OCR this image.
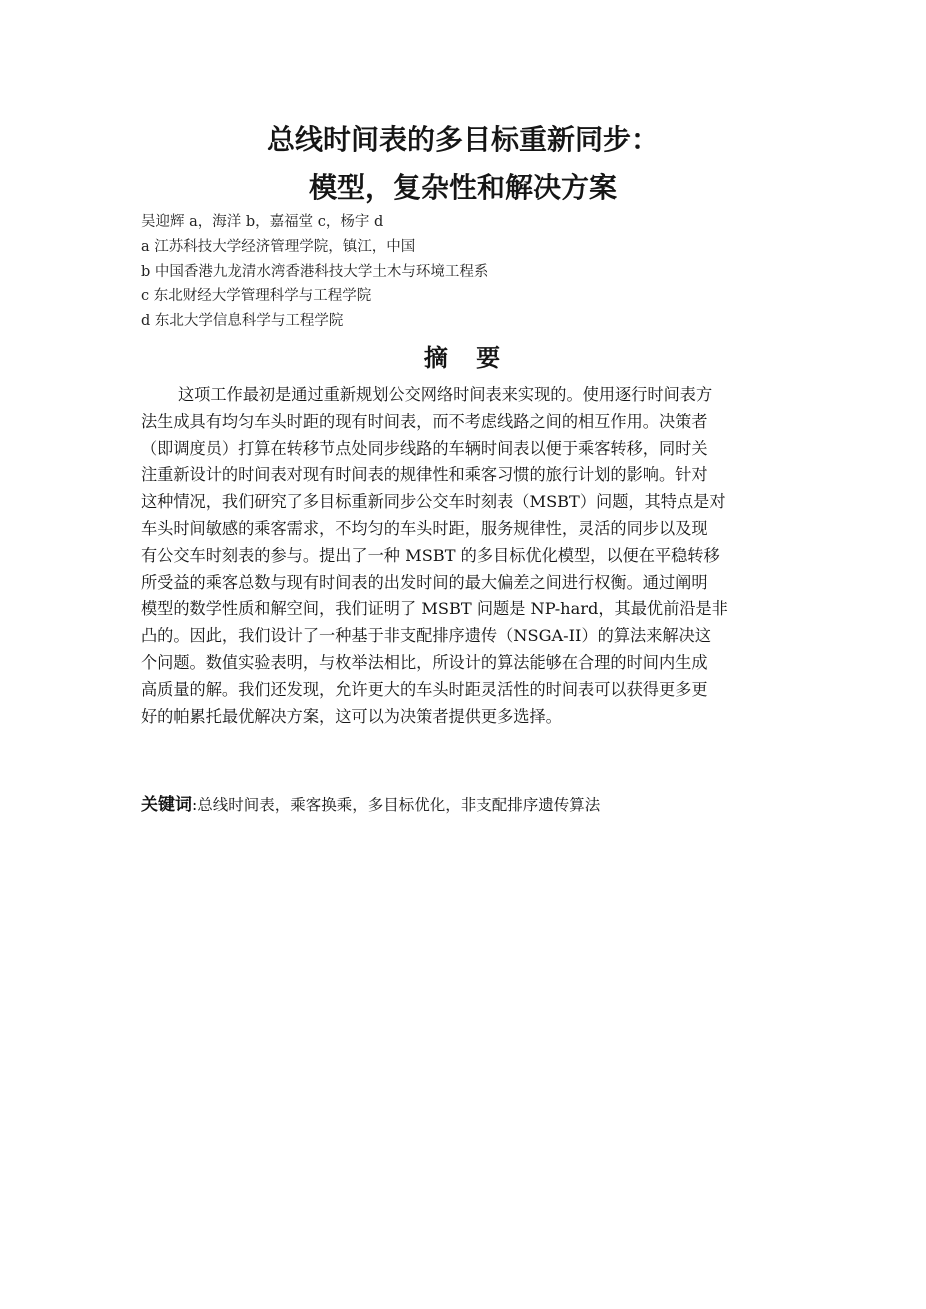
总线时间表的多目标重新同步：
模型，复杂性和解决方案

吴迎辉 a，海洋 b，嘉福堂 c，杨宇 d

a 江苏科技大学经济管理学院，镇江，中国

b 中国香港九龙清水湾香港科技大学土木与环境工程系

c 东北财经大学管理科学与工程学院

d 东北大学信息科学与工程学院

摘 要

这项工作最初是通过重新规划公交网络时间表来实现的。使用逐行时间表方

法生成具有均匀车头时距的现有时间表，而不考虑线路之间的相互作用。决策者

（即调度员）打算在转移节点处同步线路的车辆时间表以便于乘客转移，同时关

注重新设计的时间表对现有时间表的规律性和乘客习惯的旅行计划的影响。针对

这种情况，我们研究了多目标重新同步公交车时刻表（MSBT）问题，其特点是对

车头时间敏感的乘客需求，不均匀的车头时距，服务规律性，灵活的同步以及现

有公交车时刻表的参与。提出了一种 MSBT 的多目标优化模型，以便在平稳转移

所受益的乘客总数与现有时间表的出发时间的最大偏差之间进行权衡。通过阐明

模型的数学性质和解空间，我们证明了 MSBT 问题是 NP-hard，其最优前沿是非

凸的。因此，我们设计了一种基于非支配排序遗传（NSGA-II）的算法来解决这

个问题。数值实验表明，与枚举法相比，所设计的算法能够在合理的时间内生成

高质量的解。我们还发现，允许更大的车头时距灵活性的时间表可以获得更多更

好的帕累托最优解决方案，这可以为决策者提供更多选择。

关键词:总线时间表，乘客换乘，多目标优化，非支配排序遗传算法
